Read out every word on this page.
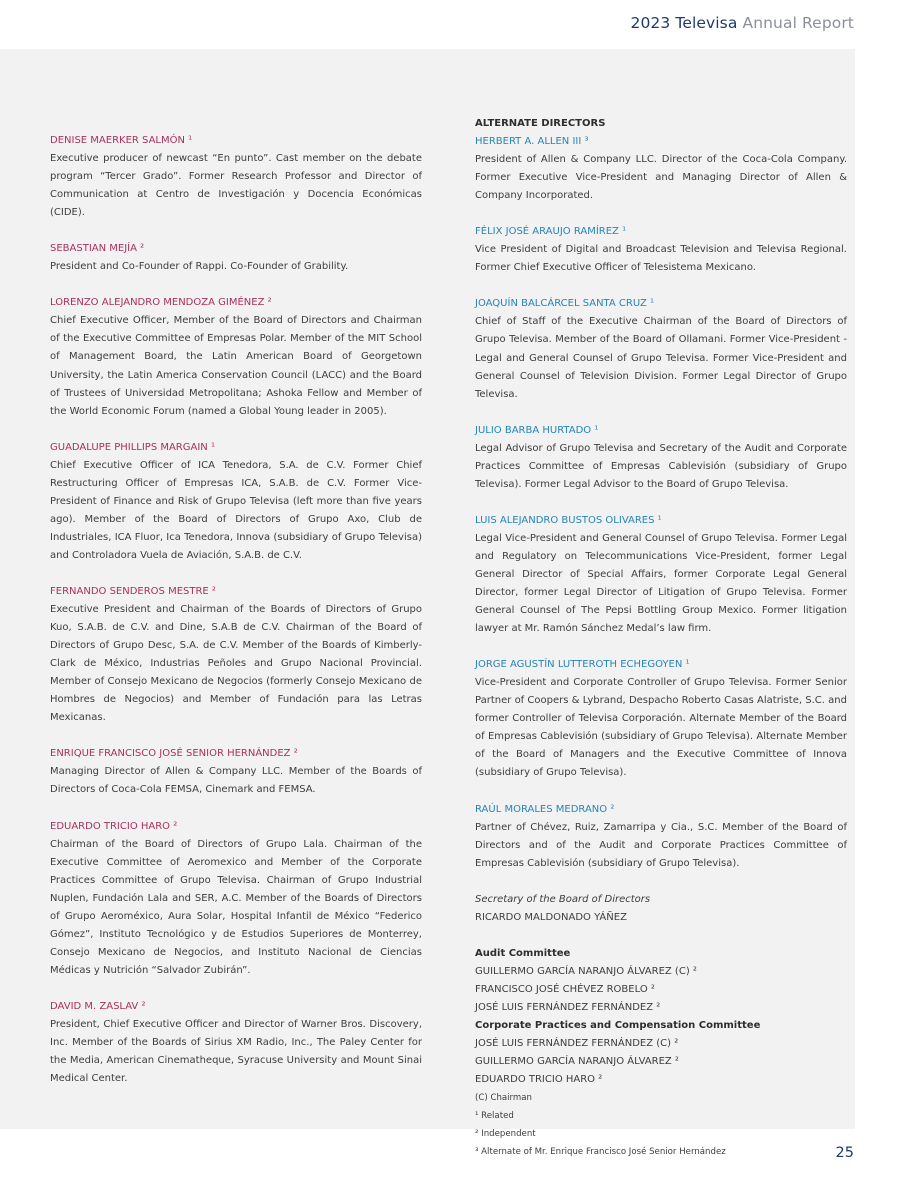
2023 Televisa Annual Report
DENISE MAERKER SALMÓN ¹
Executive producer of newcast “En punto”. Cast member on the debate program “Tercer Grado”. Former Research Professor and Director of Communication at Centro de Investigación y Docencia Económicas (CIDE).
SEBASTIAN MEJÍA ²
President and Co-Founder of Rappi. Co-Founder of Grability.
LORENZO ALEJANDRO MENDOZA GIMÉNEZ ²
Chief Executive Officer, Member of the Board of Directors and Chairman of the Executive Committee of Empresas Polar. Member of the MIT School of Management Board, the Latin American Board of Georgetown University, the Latin America Conservation Council (LACC) and the Board of Trustees of Universidad Metropolitana; Ashoka Fellow and Member of the World Economic Forum (named a Global Young leader in 2005).
GUADALUPE PHILLIPS MARGAIN ¹
Chief Executive Officer of ICA Tenedora, S.A. de C.V. Former Chief Restructuring Officer of Empresas ICA, S.A.B. de C.V. Former Vice-President of Finance and Risk of Grupo Televisa (left more than five years ago). Member of the Board of Directors of Grupo Axo, Club de Industriales, ICA Fluor, Ica Tenedora, Innova (subsidiary of Grupo Televisa) and Controladora Vuela de Aviación, S.A.B. de C.V.
FERNANDO SENDEROS MESTRE ²
Executive President and Chairman of the Boards of Directors of Grupo Kuo, S.A.B. de C.V. and Dine, S.A.B de C.V. Chairman of the Board of Directors of Grupo Desc, S.A. de C.V. Member of the Boards of Kimberly-Clark de México, Industrias Peñoles and Grupo Nacional Provincial. Member of Consejo Mexicano de Negocios (formerly Consejo Mexicano de Hombres de Negocios) and Member of Fundación para las Letras Mexicanas.
ENRIQUE FRANCISCO JOSÉ SENIOR HERNÁNDEZ ²
Managing Director of Allen & Company LLC. Member of the Boards of Directors of Coca-Cola FEMSA, Cinemark and FEMSA.
EDUARDO TRICIO HARO ²
Chairman of the Board of Directors of Grupo Lala. Chairman of the Executive Committee of Aeromexico and Member of the Corporate Practices Committee of Grupo Televisa. Chairman of Grupo Industrial Nuplen, Fundación Lala and SER, A.C. Member of the Boards of Directors of Grupo Aeroméxico, Aura Solar, Hospital Infantil de México “Federico Gómez”, Instituto Tecnológico y de Estudios Superiores de Monterrey, Consejo Mexicano de Negocios, and Instituto Nacional de Ciencias Médicas y Nutrición “Salvador Zubirán”.
DAVID M. ZASLAV ²
President, Chief Executive Officer and Director of Warner Bros. Discovery, Inc. Member of the Boards of Sirius XM Radio, Inc., The Paley Center for the Media, American Cinematheque, Syracuse University and Mount Sinai Medical Center.
ALTERNATE DIRECTORS
HERBERT A. ALLEN III ³
President of Allen & Company LLC. Director of the Coca-Cola Company. Former Executive Vice-President and Managing Director of Allen & Company Incorporated.
FÉLIX JOSÉ ARAUJO RAMÍREZ ¹
Vice President of Digital and Broadcast Television and Televisa Regional. Former Chief Executive Officer of Telesistema Mexicano.
JOAQUÍN BALCÁRCEL SANTA CRUZ ¹
Chief of Staff of the Executive Chairman of the Board of Directors of Grupo Televisa. Member of the Board of Ollamani. Former Vice-President - Legal and General Counsel of Grupo Televisa. Former Vice-President and General Counsel of Television Division. Former Legal Director of Grupo Televisa.
JULIO BARBA HURTADO ¹
Legal Advisor of Grupo Televisa and Secretary of the Audit and Corporate Practices Committee of Empresas Cablevisión (subsidiary of Grupo Televisa). Former Legal Advisor to the Board of Grupo Televisa.
LUIS ALEJANDRO BUSTOS OLIVARES ¹
Legal Vice-President and General Counsel of Grupo Televisa. Former Legal and Regulatory on Telecommunications Vice-President, former Legal General Director of Special Affairs, former Corporate Legal General Director, former Legal Director of Litigation of Grupo Televisa. Former General Counsel of The Pepsi Bottling Group Mexico. Former litigation lawyer at Mr. Ramón Sánchez Medal’s law firm.
JORGE AGUSTÍN LUTTEROTH ECHEGOYEN ¹
Vice-President and Corporate Controller of Grupo Televisa. Former Senior Partner of Coopers & Lybrand, Despacho Roberto Casas Alatriste, S.C. and former Controller of Televisa Corporación. Alternate Member of the Board of Empresas Cablevisión (subsidiary of Grupo Televisa). Alternate Member of the Board of Managers and the Executive Committee of Innova (subsidiary of Grupo Televisa).
RAÚL MORALES MEDRANO ²
Partner of Chévez, Ruiz, Zamarripa y Cia., S.C. Member of the Board of Directors and of the Audit and Corporate Practices Committee of Empresas Cablevisión (subsidiary of Grupo Televisa).
Secretary of the Board of Directors
RICARDO MALDONADO YÁÑEZ
Audit Committee
GUILLERMO GARCÍA NARANJO ÁLVAREZ (C) ²
FRANCISCO JOSÉ CHÉVEZ ROBELO ²
JOSÉ LUIS FERNÁNDEZ FERNÁNDEZ ²
Corporate Practices and Compensation Committee
JOSÉ LUIS FERNÁNDEZ FERNÁNDEZ (C) ²
GUILLERMO GARCÍA NARANJO ÁLVAREZ ²
EDUARDO TRICIO HARO ²
(C) Chairman
¹ Related
² Independent
³ Alternate of Mr. Enrique Francisco José Senior Hernández	25
